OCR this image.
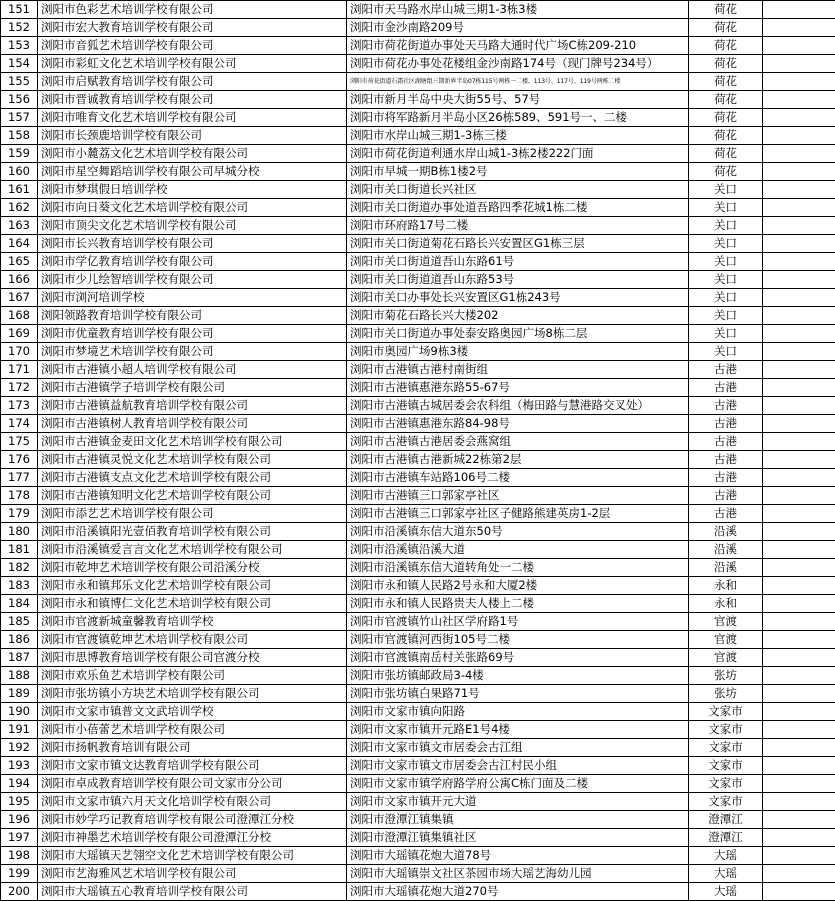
151	浏阳市色彩艺术培训学校有限公司	浏阳市天马路水岸山城三期1-3栋3楼	荷花	
152	浏阳市宏大教育培训学校有限公司	浏阳市金沙南路209号	荷花	
153	浏阳市音狐艺术培训学校有限公司	浏阳市荷花街道办事处天马路大通时代广场C栋209-210	荷花	
154	浏阳市彩虹文化艺术培训学校有限公司	浏阳市荷花办事处花楼组金沙南路174号（现门牌号234号）	荷花	
155	浏阳市启赋教育培训学校有限公司	浏阳市荷花街道石霜社区湖塘组三期新界半岛07栋115号两栋一二楼、113号、117号、119号两栋二楼	荷花	
156	浏阳市晋诚教育培训学校有限公司	浏阳市新月半岛中央大街55号、57号	荷花	
157	浏阳市唯育文化艺术培训学校有限公司	浏阳市将军路新月半岛小区26栋589、591号一、二楼	荷花	
158	浏阳市长颈鹿培训学校有限公司	浏阳市水岸山城三期1-3栋三楼	荷花	
159	浏阳市小麓荔文化艺术培训学校有限公司	浏阳市荷花街道利通水岸山城1-3栋2楼222门面	荷花	
160	浏阳市星空舞蹈培训学校有限公司早城分校	浏阳市早城一期B栋1楼2号	荷花	
161	浏阳市梦琪假日培训学校	浏阳市关口街道长兴社区	关口	
162	浏阳市向日葵文化艺术培训学校有限公司	浏阳市关口街道办事处道吾路四季花城1栋二楼	关口	
163	浏阳市顶尖文化艺术培训学校有限公司	浏阳市环府路17号二楼	关口	
164	浏阳市长兴教育培训学校有限公司	浏阳市关口街道菊花石路长兴安置区G1栋三层	关口	
165	浏阳市学亿教育培训学校有限公司	浏阳市关口街道道吾山东路61号	关口	
166	浏阳市少儿绘智培训学校有限公司	浏阳市关口街道道吾山东路53号	关口	
167	浏阳市浏河培训学校	浏阳市关口办事处长兴安置区G1栋243号	关口	
168	浏阳领路教育培训学校有限公司	浏阳市菊花石路长兴大楼202	关口	
169	浏阳市优童教育培训学校有限公司	浏阳市关口街道办事处泰安路奥园广场8栋二层	关口	
170	浏阳市梦境艺术培训学校有限公司	浏阳市奥园广场9栋3楼	关口	
171	浏阳市古港镇小超人培训学校有限公司	浏阳市古港镇古港村南街组	古港	
172	浏阳市古港镇学子培训学校有限公司	浏阳市古港镇惠港东路55-67号	古港	
173	浏阳市古港镇益航教育培训学校有限公司	浏阳市古港镇古城居委会农科组（梅田路与慧港路交叉处）	古港	
174	浏阳市古港镇树人教育培训学校有限公司	浏阳市古港镇惠港东路84-98号	古港	
175	浏阳市古港镇金麦田文化艺术培训学校有限公司	浏阳市古港镇古港居委会燕窝组	古港	
176	浏阳市古港镇灵悦文化艺术培训学校有限公司	浏阳市古港镇古港新城22栋第2层	古港	
177	浏阳市古港镇支点文化艺术培训学校有限公司	浏阳市古港镇车站路106号二楼	古港	
178	浏阳市古港镇知明文化艺术培训学校有限公司	浏阳市古港镇三口郭家亭社区	古港	
179	浏阳市添艺艺术培训学校有限公司	浏阳市古港镇三口郭家亭社区子健路熊建英房1-2层	古港	
180	浏阳市沿溪镇阳光壹佰教育培训学校有限公司	浏阳市沿溪镇东信大道东50号	沿溪	
181	浏阳市沿溪镇爱言言文化艺术培训学校有限公司	浏阳市沿溪镇沿溪大道	沿溪	
182	浏阳市乾坤艺术培训学校有限公司沿溪分校	浏阳市沿溪镇东信大道转角处一二楼	沿溪	
183	浏阳市永和镇邦乐文化艺术培训学校有限公司	浏阳市永和镇人民路2号永和大厦2楼	永和	
184	浏阳市永和镇博仁文化艺术培训学校有限公司	浏阳市永和镇人民路贵夫人楼上二楼	永和	
185	浏阳市官渡新城童馨教育培训学校	浏阳市官渡镇竹山社区学府路1号	官渡	
186	浏阳市官渡镇乾坤艺术培训学校有限公司	浏阳市官渡镇河西街105号二楼	官渡	
187	浏阳市思博教育培训学校有限公司官渡分校	浏阳市官渡镇南岳村关张路69号	官渡	
188	浏阳市欢乐鱼艺术培训学校有限公司	浏阳市张坊镇邮政局3-4楼	张坊	
189	浏阳市张坊镇小方块艺术培训学校有限公司	浏阳市张坊镇白果路71号	张坊	
190	浏阳市文家市镇普文文武培训学校	浏阳市文家市镇向阳路	文家市	
191	浏阳市小蓓蕾艺术培训学校有限公司	浏阳市文家市镇开元路E1号4楼	文家市	
192	浏阳市扬帆教育培训有限公司	浏阳市文家市镇文市居委会古江组	文家市	
193	浏阳市文家市镇文达教育培训学校有限公司	浏阳市文家市镇文市居委会古江村民小组	文家市	
194	浏阳市卓成教育培训学校有限公司文家市分公司	浏阳市文家市镇学府路学府公寓C栋门面及二楼	文家市	
195	浏阳市文家市镇六月天文化培训学校有限公司	浏阳市文家市镇开元大道	文家市	
196	浏阳市妙学巧记教育培训学校有限公司澄潭江分校	浏阳市澄潭江镇集镇	澄潭江	
197	浏阳市神墨艺术培训学校有限公司澄潭江分校	浏阳市澄潭江镇集镇社区	澄潭江	
198	浏阳市大瑶镇天艺翎空文化艺术培训学校有限公司	浏阳市大瑶镇花炮大道78号	大瑶	
199	浏阳市艺海雅风艺术培训学校有限公司	浏阳市大瑶镇崇文社区茶园市场大瑶艺海幼儿园	大瑶	
200	浏阳市大瑶镇五心教育培训学校有限公司	浏阳市大瑶镇花炮大道270号	大瑶	
